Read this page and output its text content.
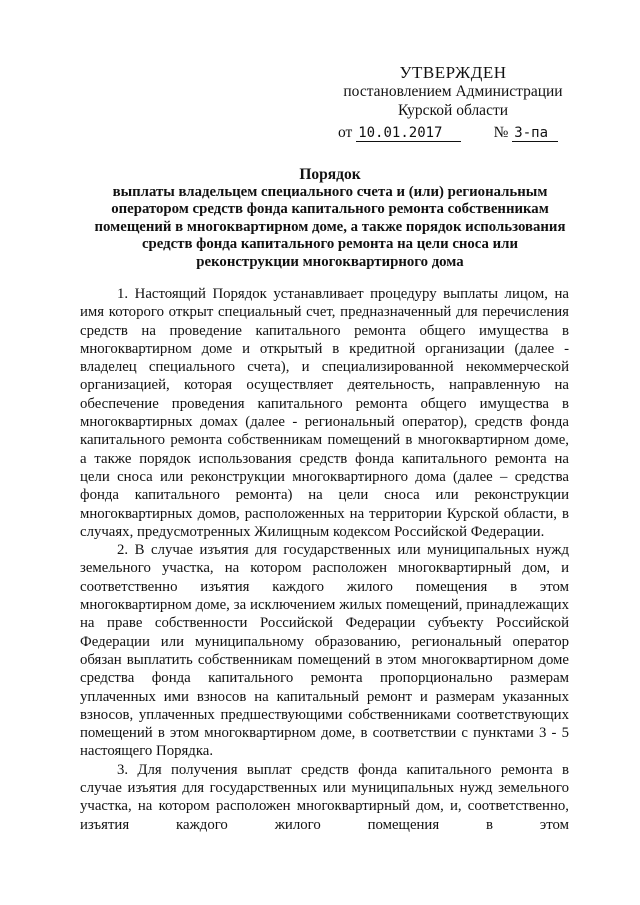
УТВЕРЖДЕН
постановлением Администрации
Курской области
от 10.01.2017	№ 3-па
Порядок
выплаты владельцем специального счета и (или) региональным оператором средств фонда капитального ремонта собственникам помещений в многоквартирном доме, а также порядок использования средств фонда капитального ремонта на цели сноса или реконструкции многоквартирного дома

1. Настоящий Порядок устанавливает процедуру выплаты лицом, на имя которого открыт специальный счет, предназначенный для перечисления средств на проведение капитального ремонта общего имущества в многоквартирном доме и открытый в кредитной организации (далее - владелец специального счета), и специализированной некоммерческой организацией, которая осуществляет деятельность, направленную на обеспечение проведения капитального ремонта общего имущества в многоквартирных домах (далее - региональный оператор), средств фонда капитального ремонта собственникам помещений в многоквартирном доме, а также порядок использования средств фонда капитального ремонта на цели сноса или реконструкции многоквартирного дома (далее – средства фонда капитального ремонта) на цели сноса или реконструкции многоквартирных домов, расположенных на территории Курской области, в случаях, предусмотренных Жилищным кодексом Российской Федерации.

2. В случае изъятия для государственных или муниципальных нужд земельного участка, на котором расположен многоквартирный дом, и соответственно изъятия каждого жилого помещения в этом многоквартирном доме, за исключением жилых помещений, принадлежащих на праве собственности Российской Федерации субъекту Российской Федерации или муниципальному образованию, региональный оператор обязан выплатить собственникам помещений в этом многоквартирном доме средства фонда капитального ремонта пропорционально размерам уплаченных ими взносов на капитальный ремонт и размерам указанных взносов, уплаченных предшествующими собственниками соответствующих помещений в этом многоквартирном доме, в соответствии с пунктами 3 - 5 настоящего Порядка.

3. Для получения выплат средств фонда капитального ремонта в случае изъятия для государственных или муниципальных нужд земельного участка, на котором расположен многоквартирный дом, и, соответственно, изъятия каждого жилого помещения в этом
